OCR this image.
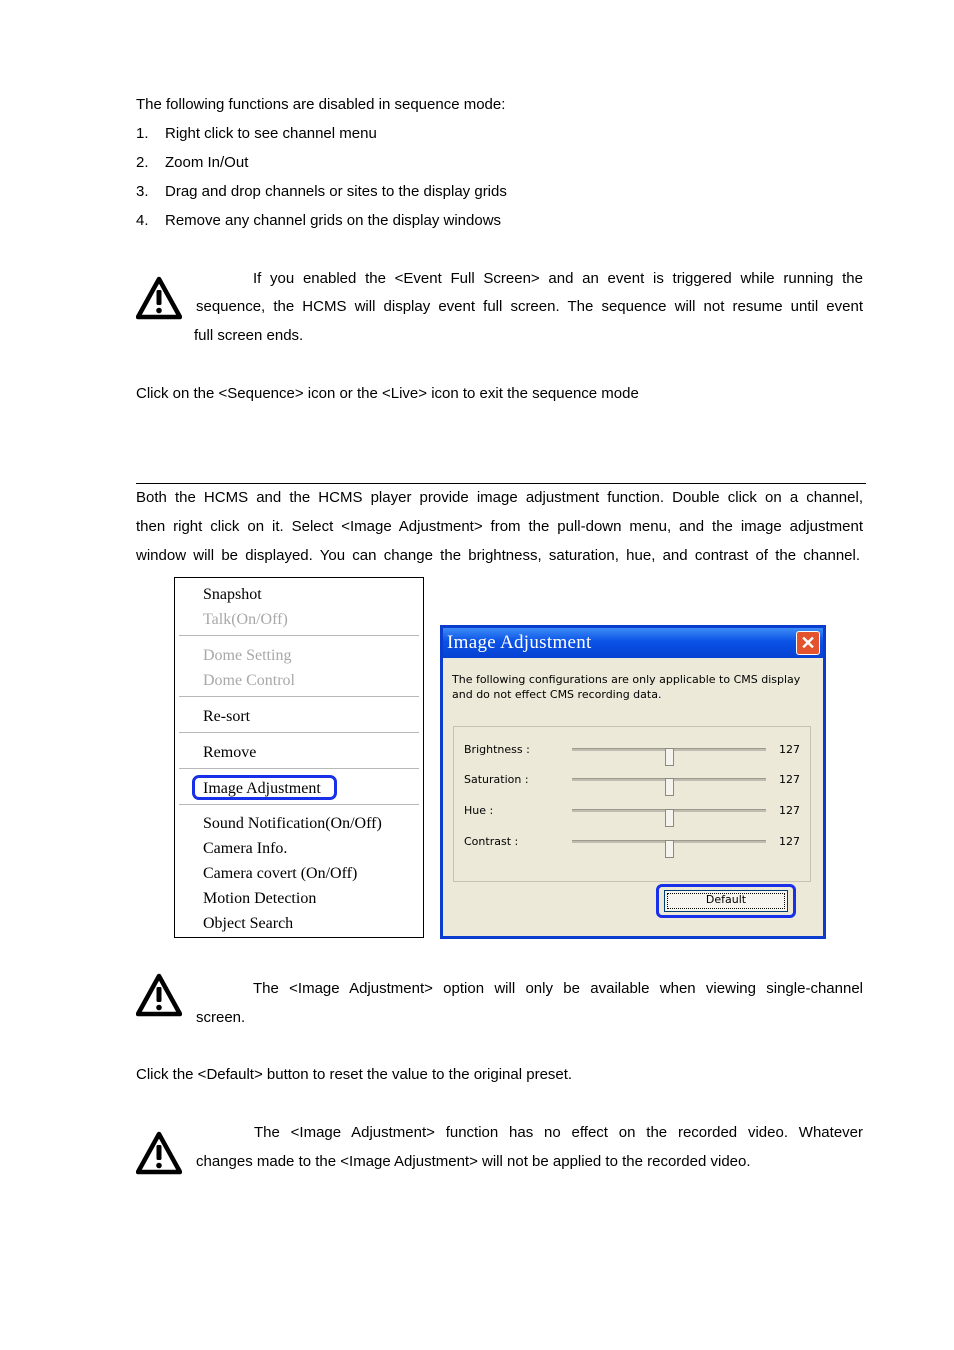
The following functions are disabled in sequence mode:
1. Right click to see channel menu
2. Zoom In/Out
3. Drag and drop channels or sites to the display grids
4. Remove any channel grids on the display windows
If you enabled the <Event Full Screen> and an event is triggered while running the
sequence, the HCMS will display event full screen. The sequence will not resume until event
full screen ends.
Click on the <Sequence> icon or the <Live> icon to exit the sequence mode
Both the HCMS and the HCMS player provide image adjustment function. Double click on a channel,
then right click on it. Select <Image Adjustment> from the pull-down menu, and the image adjustment
window will be displayed. You can change the brightness, saturation, hue, and contrast of the channel.
Snapshot
Talk(On/Off)
Dome Setting
Dome Control
Re-sort
Remove
Image Adjustment
Sound Notification(On/Off)
Camera Info.
Camera covert (On/Off)
Motion Detection
Object Search
Image Adjustment	✕
The following configurations are only applicable to CMS display and do not effect CMS recording data.
Brightness :	127
Saturation :	127
Hue :	127
Contrast :	127
Default
The <Image Adjustment> option will only be available when viewing single-channel
screen.
Click the <Default> button to reset the value to the original preset.
The <Image Adjustment> function has no effect on the recorded video. Whatever
changes made to the <Image Adjustment> will not be applied to the recorded video.
